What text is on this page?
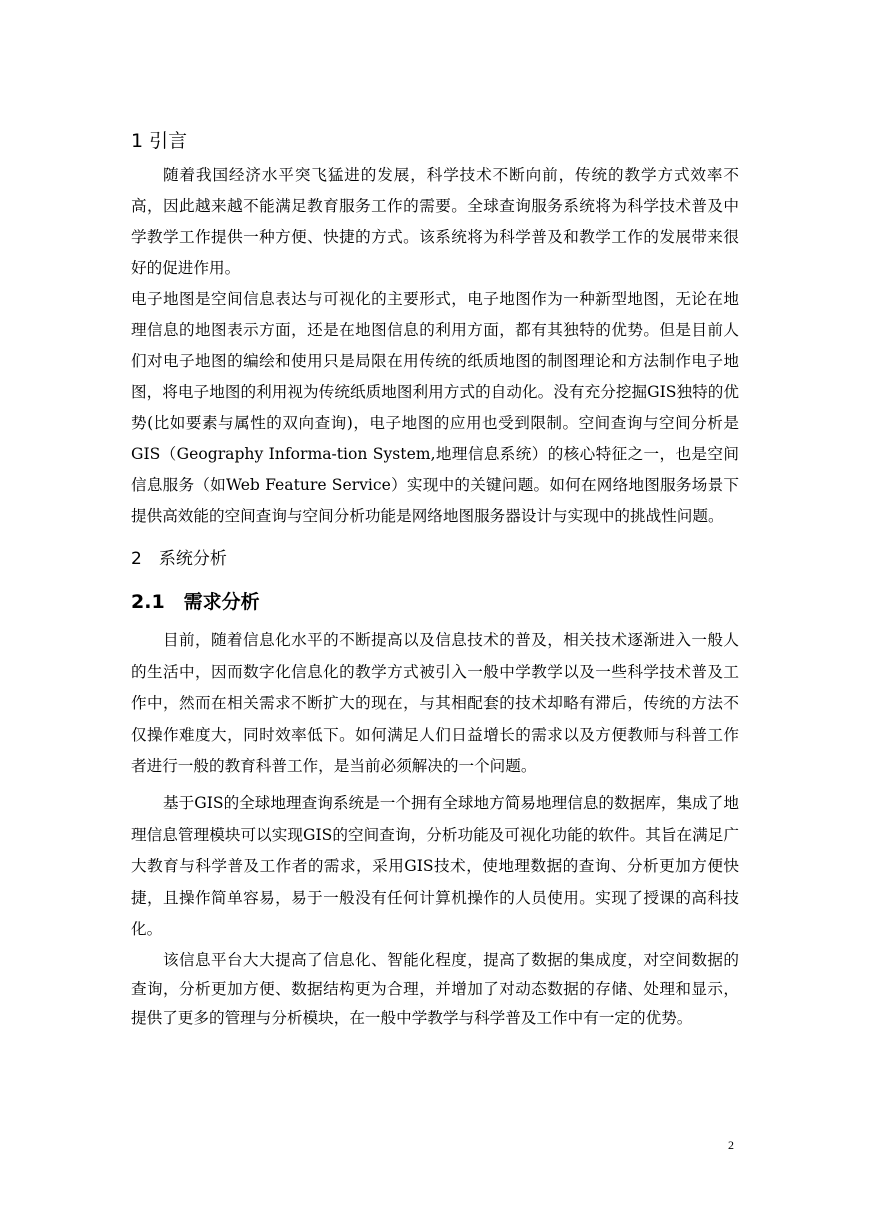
1 引言

随着我国经济水平突飞猛进的发展，科学技术不断向前，传统的教学方式效率不高，因此越来越不能满足教育服务工作的需要。全球查询服务系统将为科学技术普及中学教学工作提供一种方便、快捷的方式。该系统将为科学普及和教学工作的发展带来很好的促进作用。

电子地图是空间信息表达与可视化的主要形式，电子地图作为一种新型地图，无论在地理信息的地图表示方面，还是在地图信息的利用方面，都有其独特的优势。但是目前人们对电子地图的编绘和使用只是局限在用传统的纸质地图的制图理论和方法制作电子地图，将电子地图的利用视为传统纸质地图利用方式的自动化。没有充分挖掘GIS独特的优势(比如要素与属性的双向查询)，电子地图的应用也受到限制。空间查询与空间分析是GIS（Geography Informa-tion System,地理信息系统）的核心特征之一，也是空间信息服务（如Web Feature Service）实现中的关键问题。如何在网络地图服务场景下提供高效能的空间查询与空间分析功能是网络地图服务器设计与实现中的挑战性问题。

2　系统分析
2.1　需求分析

目前，随着信息化水平的不断提高以及信息技术的普及，相关技术逐渐进入一般人的生活中，因而数字化信息化的教学方式被引入一般中学教学以及一些科学技术普及工作中，然而在相关需求不断扩大的现在，与其相配套的技术却略有滞后，传统的方法不仅操作难度大，同时效率低下。如何满足人们日益增长的需求以及方便教师与科普工作者进行一般的教育科普工作，是当前必须解决的一个问题。

基于GIS的全球地理查询系统是一个拥有全球地方简易地理信息的数据库，集成了地理信息管理模块可以实现GIS的空间查询，分析功能及可视化功能的软件。其旨在满足广大教育与科学普及工作者的需求，采用GIS技术，使地理数据的查询、分析更加方便快捷，且操作简单容易，易于一般没有任何计算机操作的人员使用。实现了授课的高科技化。

该信息平台大大提高了信息化、智能化程度，提高了数据的集成度，对空间数据的查询，分析更加方便、数据结构更为合理，并增加了对动态数据的存储、处理和显示，提供了更多的管理与分析模块，在一般中学教学与科学普及工作中有一定的优势。

2
